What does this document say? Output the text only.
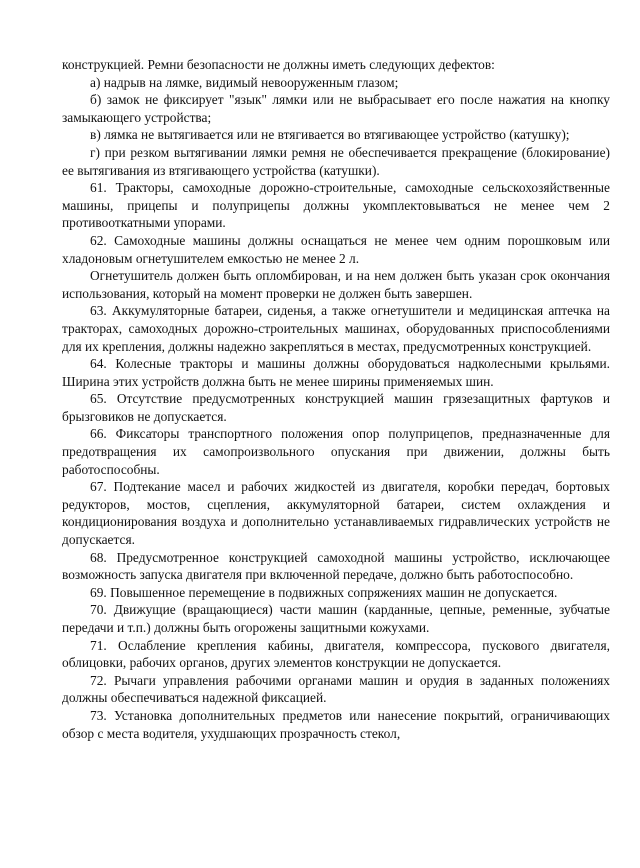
конструкцией. Ремни безопасности не должны иметь следующих дефектов:

а) надрыв на лямке, видимый невооруженным глазом;

б) замок не фиксирует "язык" лямки или не выбрасывает его после нажатия на кнопку замыкающего устройства;

в) лямка не вытягивается или не втягивается во втягивающее устройство (катушку);

г) при резком вытягивании лямки ремня не обеспечивается прекращение (блокирование) ее вытягивания из втягивающего устройства (катушки).

61. Тракторы, самоходные дорожно-строительные, самоходные сельскохозяйственные машины, прицепы и полуприцепы должны укомплектовываться не менее чем 2 противооткатными упорами.

62. Самоходные машины должны оснащаться не менее чем одним порошковым или хладоновым огнетушителем емкостью не менее 2 л.

Огнетушитель должен быть опломбирован, и на нем должен быть указан срок окончания использования, который на момент проверки не должен быть завершен.

63. Аккумуляторные батареи, сиденья, а также огнетушители и медицинская аптечка на тракторах, самоходных дорожно-строительных машинах, оборудованных приспособлениями для их крепления, должны надежно закрепляться в местах, предусмотренных конструкцией.

64. Колесные тракторы и машины должны оборудоваться надколесными крыльями. Ширина этих устройств должна быть не менее ширины применяемых шин.

65. Отсутствие предусмотренных конструкцией машин грязезащитных фартуков и брызговиков не допускается.

66. Фиксаторы транспортного положения опор полуприцепов, предназначенные для предотвращения их самопроизвольного опускания при движении, должны быть работоспособны.

67. Подтекание масел и рабочих жидкостей из двигателя, коробки передач, бортовых редукторов, мостов, сцепления, аккумуляторной батареи, систем охлаждения и кондиционирования воздуха и дополнительно устанавливаемых гидравлических устройств не допускается.

68. Предусмотренное конструкцией самоходной машины устройство, исключающее возможность запуска двигателя при включенной передаче, должно быть работоспособно.

69. Повышенное перемещение в подвижных сопряжениях машин не допускается.

70. Движущие (вращающиеся) части машин (карданные, цепные, ременные, зубчатые передачи и т.п.) должны быть огорожены защитными кожухами.

71. Ослабление крепления кабины, двигателя, компрессора, пускового двигателя, облицовки, рабочих органов, других элементов конструкции не допускается.

72. Рычаги управления рабочими органами машин и орудия в заданных положениях должны обеспечиваться надежной фиксацией.

73. Установка дополнительных предметов или нанесение покрытий, ограничивающих обзор с места водителя, ухудшающих прозрачность стекол,
